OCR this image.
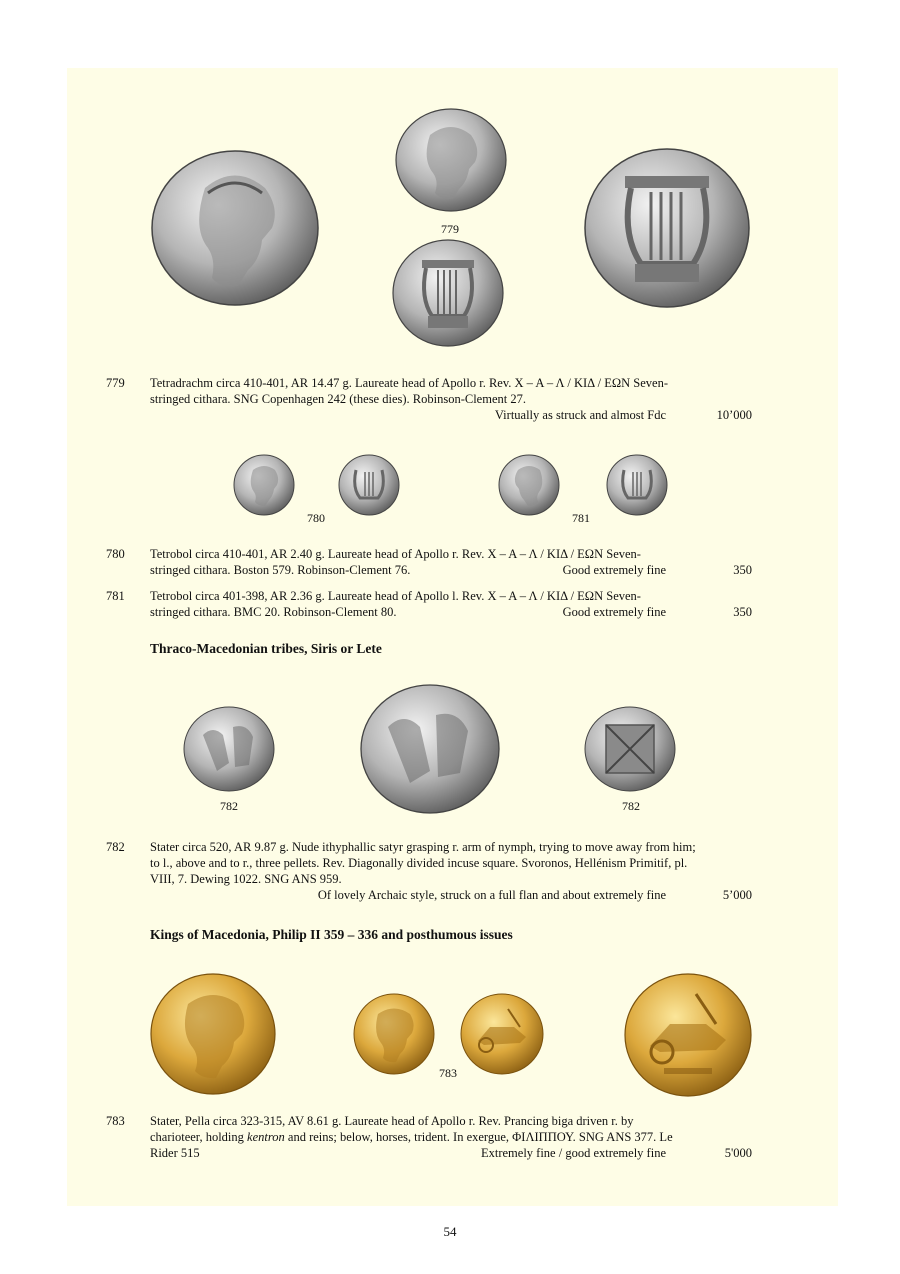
779
779 Tetradrachm circa 410-401, AR 14.47 g. Laureate head of Apollo r. Rev. Χ – Α – Λ / ΚΙΔ / ΕΩΝ Seven-

stringed cithara. SNG Copenhagen 242 (these dies). Robinson-Clement 27.

Virtually as struck and almost Fdc	10’000
780	781
780 Tetrobol circa 410-401, AR 2.40 g. Laureate head of Apollo r. Rev. Χ – Α – Λ / ΚΙΔ / ΕΩΝ Seven-

stringed cithara. Boston 579. Robinson-Clement 76.	Good extremely fine	350
781 Tetrobol circa 401-398, AR 2.36 g. Laureate head of Apollo l. Rev. Χ – Α – Λ / ΚΙΔ / ΕΩΝ Seven-

stringed cithara. BMC 20. Robinson-Clement 80.	Good extremely fine	350
Thraco-Macedonian tribes, Siris or Lete
782	782
782 Stater circa 520, AR 9.87 g. Nude ithyphallic satyr grasping r. arm of nymph, trying to move away from him;

to l., above and to r., three pellets. Rev. Diagonally divided incuse square. Svoronos, Hellénism Primitif, pl.

VIII, 7. Dewing 1022. SNG ANS 959.

Of lovely Archaic style, struck on a full flan and about extremely fine	5’000
Kings of Macedonia, Philip II 359 – 336 and posthumous issues
783
783 Stater, Pella circa 323-315, AV 8.61 g. Laureate head of Apollo r. Rev. Prancing biga driven r. by

charioteer, holding kentron and reins; below, horses, trident. In exergue, ΦΙΛΙΠΠΟΥ. SNG ANS 377. Le

Rider 515	Extremely fine / good extremely fine	5'000
54
